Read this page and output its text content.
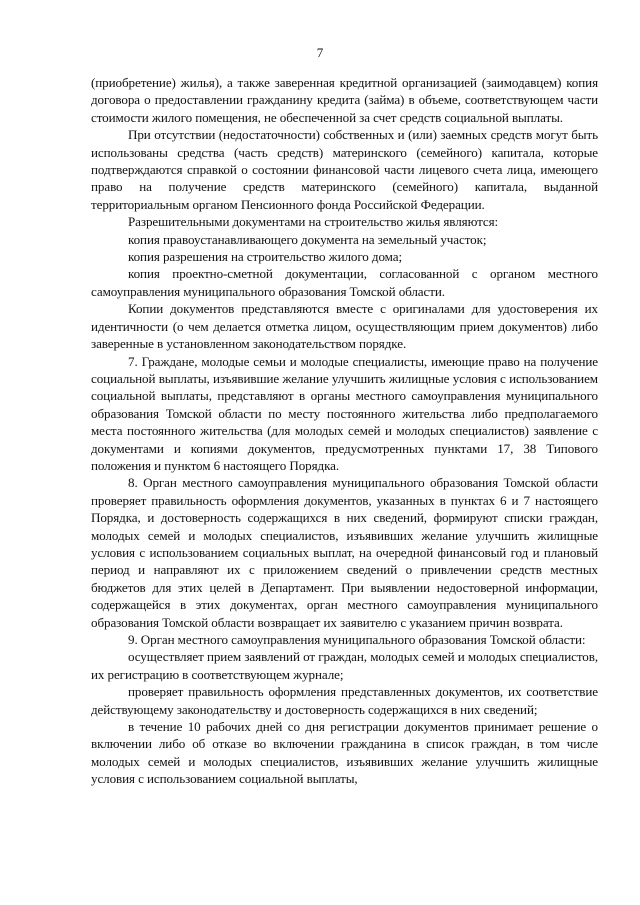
7

(приобретение) жилья), а также заверенная кредитной организацией (заимодавцем) копия договора о предоставлении гражданину кредита (займа) в объеме, соответствующем части стоимости жилого помещения, не обеспеченной за счет средств социальной выплаты.

При отсутствии (недостаточности) собственных и (или) заемных средств могут быть использованы средства (часть средств) материнского (семейного) капитала, которые подтверждаются справкой о состоянии финансовой части лицевого счета лица, имеющего право на получение средств материнского (семейного) капитала, выданной территориальным органом Пенсионного фонда Российской Федерации.

Разрешительными документами на строительство жилья являются:

копия правоустанавливающего документа на земельный участок;

копия разрешения на строительство жилого дома;

копия проектно-сметной документации, согласованной с органом местного самоуправления муниципального образования Томской области.

Копии документов представляются вместе с оригиналами для удостоверения их идентичности (о чем делается отметка лицом, осуществляющим прием документов) либо заверенные в установленном законодательством порядке.

7. Граждане, молодые семьи и молодые специалисты, имеющие право на получение социальной выплаты, изъявившие желание улучшить жилищные условия с использованием социальной выплаты, представляют в органы местного самоуправления муниципального образования Томской области по месту постоянного жительства либо предполагаемого места постоянного жительства (для молодых семей и молодых специалистов) заявление с документами и копиями документов, предусмотренных пунктами 17, 38 Типового положения и пунктом 6 настоящего Порядка.

8. Орган местного самоуправления муниципального образования Томской области проверяет правильность оформления документов, указанных в пунктах 6 и 7 настоящего Порядка, и достоверность содержащихся в них сведений, формируют списки граждан, молодых семей и молодых специалистов, изъявивших желание улучшить жилищные условия с использованием социальных выплат, на очередной финансовый год и плановый период и направляют их с приложением сведений о привлечении средств местных бюджетов для этих целей в Департамент. При выявлении недостоверной информации, содержащейся в этих документах, орган местного самоуправления муниципального образования Томской области возвращает их заявителю с указанием причин возврата.

9. Орган местного самоуправления муниципального образования Томской области:

осуществляет прием заявлений от граждан, молодых семей и молодых специалистов, их регистрацию в соответствующем журнале;

проверяет правильность оформления представленных документов, их соответствие действующему законодательству и достоверность содержащихся в них сведений;

в течение 10 рабочих дней со дня регистрации документов принимает решение о включении либо об отказе во включении гражданина в список граждан, в том числе молодых семей и молодых специалистов, изъявивших желание улучшить жилищные условия с использованием социальной выплаты,
